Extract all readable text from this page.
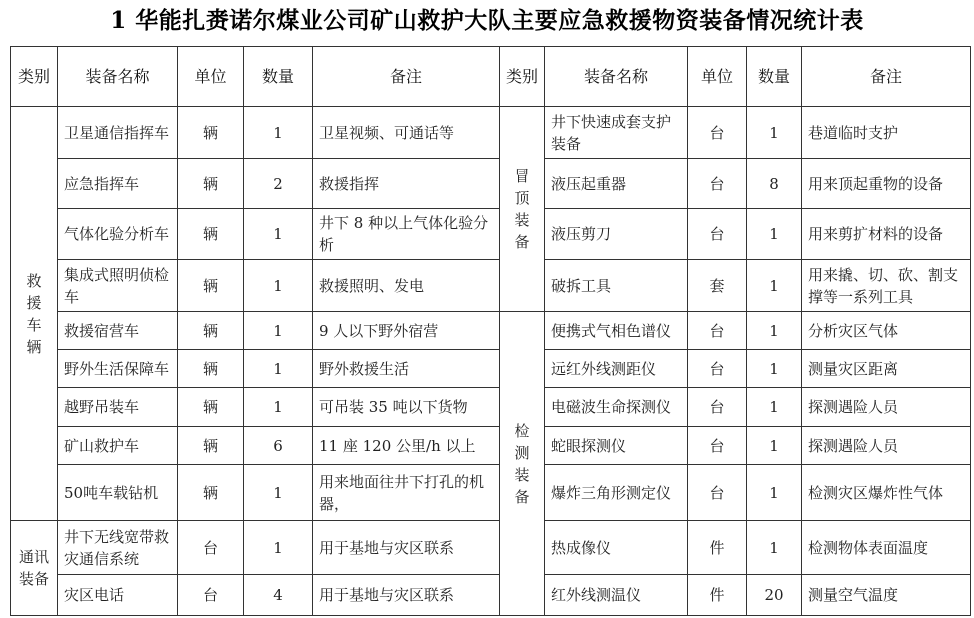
1 华能扎赉诺尔煤业公司矿山救护大队主要应急救援物资装备情况统计表
类别	装备名称	单位	数量	备注	类别	装备名称	单位	数量	备注

救援车辆	卫星通信指挥车	辆	1	卫星视频、可通话等	冒顶装备	井下快速成套支护装备	台	1	巷道临时支护
	应急指挥车	辆	2	救援指挥		液压起重器	台	8	用来顶起重物的设备
	气体化验分析车	辆	1	井下 8 种以上气体化验分析		液压剪刀	台	1	用来剪扩材料的设备
	集成式照明侦检车	辆	1	救援照明、发电		破拆工具	套	1	用来撬、切、砍、割支撑等一系列工具
	救援宿营车	辆	1	9 人以下野外宿营	检测装备	便携式气相色谱仪	台	1	分析灾区气体
	野外生活保障车	辆	1	野外救援生活		远红外线测距仪	台	1	测量灾区距离
	越野吊装车	辆	1	可吊装 35 吨以下货物		电磁波生命探测仪	台	1	探测遇险人员
	矿山救护车	辆	6	11 座 120 公里/h 以上		蛇眼探测仪	台	1	探测遇险人员
	50吨车载钻机	辆	1	用来地面往井下打孔的机器，		爆炸三角形测定仪	台	1	检测灾区爆炸性气体
通讯装备	井下无线宽带救灾通信系统	台	1	用于基地与灾区联系		热成像仪	件	1	检测物体表面温度
	灾区电话	台	4	用于基地与灾区联系		红外线测温仪	件	20	测量空气温度
